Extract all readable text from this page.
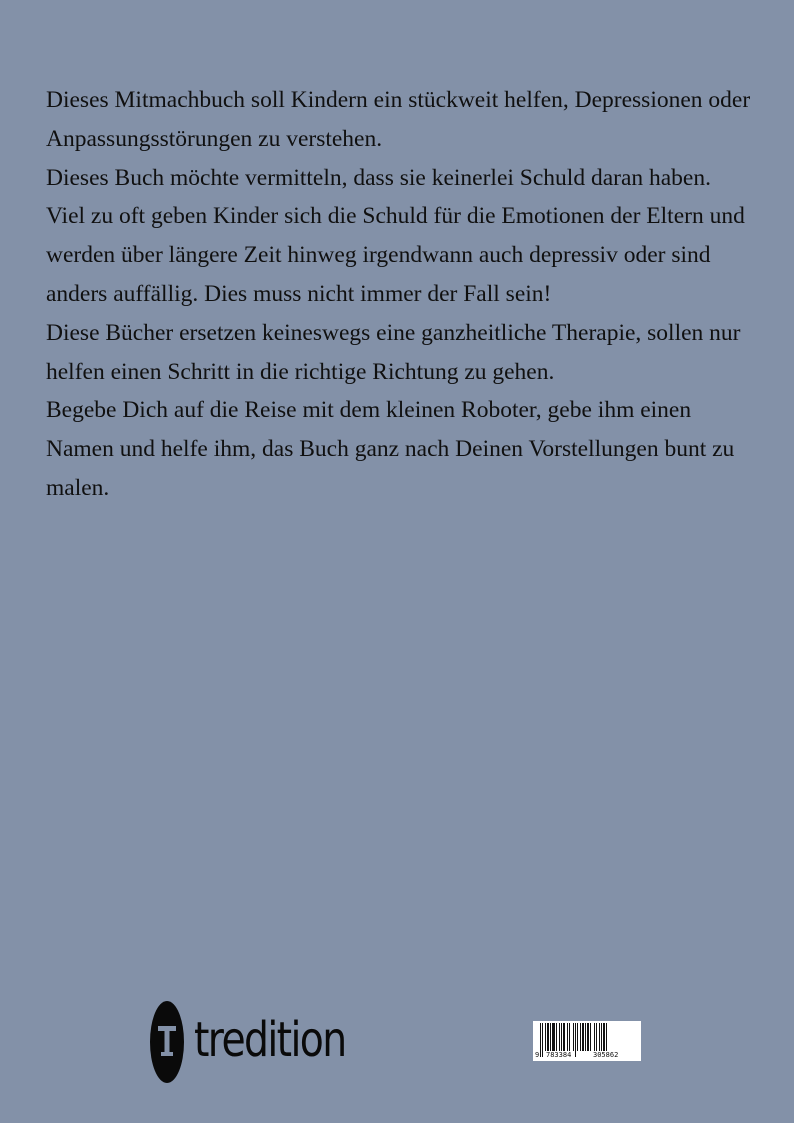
Dieses Mitmachbuch soll Kindern ein stückweit helfen, Depressionen oder Anpassungsstörungen zu verstehen.

Dieses Buch möchte vermitteln, dass sie keinerlei Schuld daran haben.

Viel zu oft geben Kinder sich die Schuld für die Emotionen der Eltern und werden über längere Zeit hinweg irgendwann auch depressiv oder sind anders auffällig. Dies muss nicht immer der Fall sein!

Diese Bücher ersetzen keineswegs eine ganzheitliche Therapie, sollen nur helfen einen Schritt in die richtige Richtung zu gehen.

Begebe Dich auf die Reise mit dem kleinen Roboter, gebe ihm einen Namen und helfe ihm, das Buch ganz nach Deinen Vorstellungen bunt zu malen.

tredition	9 783384	305862
